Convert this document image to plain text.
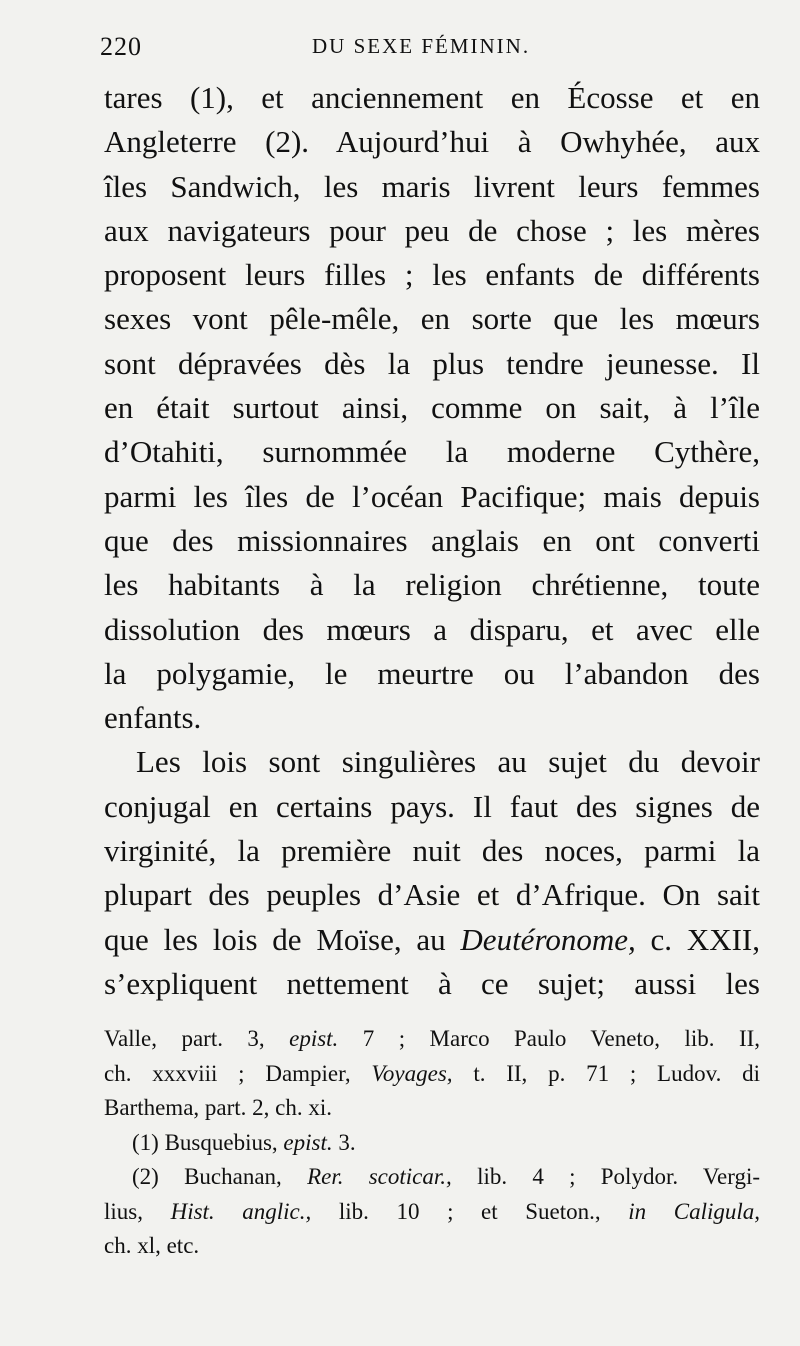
220	DU SEXE FÉMININ.
tares (1), et anciennement en Écosse et en
Angleterre (2). Aujourd’hui à Owhyhée, aux
îles Sandwich, les maris livrent leurs femmes
aux navigateurs pour peu de chose ; les mères
proposent leurs filles ; les enfants de différents
sexes vont pêle-mêle, en sorte que les mœurs
sont dépravées dès la plus tendre jeunesse. Il
en était surtout ainsi, comme on sait, à l’île
d’Otahiti, surnommée la moderne Cythère,
parmi les îles de l’océan Pacifique; mais depuis
que des missionnaires anglais en ont converti
les habitants à la religion chrétienne, toute
dissolution des mœurs a disparu, et avec elle
la polygamie, le meurtre ou l’abandon des
enfants.
Les lois sont singulières au sujet du devoir
conjugal en certains pays. Il faut des signes de
virginité, la première nuit des noces, parmi la
plupart des peuples d’Asie et d’Afrique. On sait
que les lois de Moïse, au Deutéronome, c. XXII,
s’expliquent nettement à ce sujet; aussi les
Valle, part. 3, epist. 7 ; Marco Paulo Veneto, lib. II,
ch. xxxviii ; Dampier, Voyages, t. II, p. 71 ; Ludov. di
Barthema, part. 2, ch. xi.
(1) Busquebius, epist. 3.
(2) Buchanan, Rer. scoticar., lib. 4 ; Polydor. Vergi-
lius, Hist. anglic., lib. 10 ; et Sueton., in Caligula,
ch. xl, etc.
